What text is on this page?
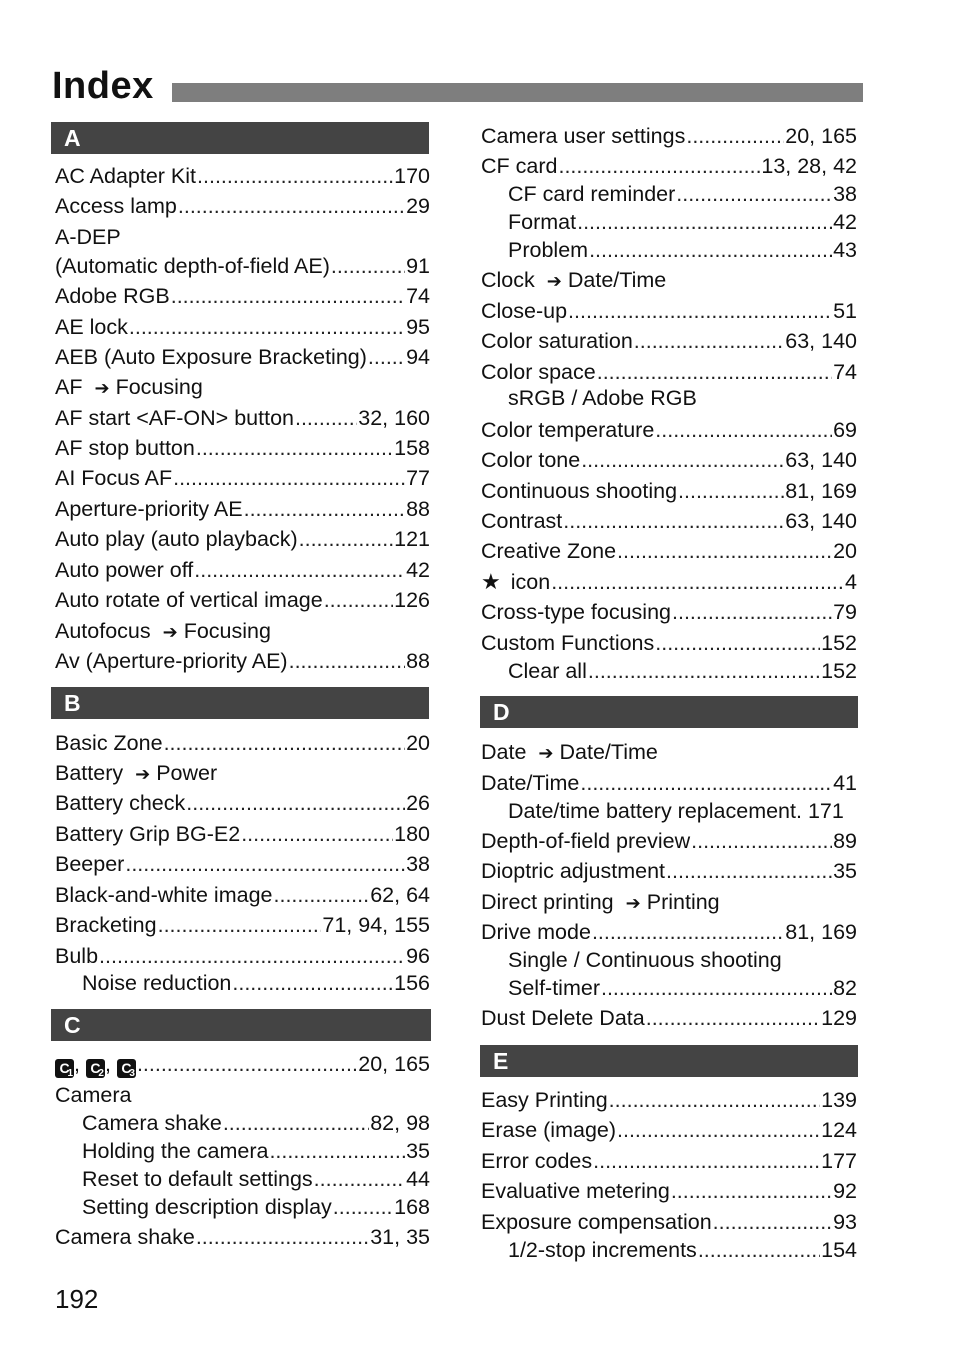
Index
A
AC Adapter Kit .....	170
Access lamp .....	29
A-DEP
(Automatic depth-of-field AE) .....	91
Adobe RGB .....	74
AE lock .....	95
AEB (Auto Exposure Bracketing) ..... 94
AF ➔ Focusing
AF start <AF-ON> button .....	32, 160
AF stop button .....	158
AI Focus AF .....	77
Aperture-priority AE .....	88
Auto play (auto playback) .....	121
Auto power off .....	42
Auto rotate of vertical image .....	126
Autofocus ➔ Focusing
Av (Aperture-priority AE) .....	88
B
Basic Zone .....	20
Battery ➔ Power
Battery check .....	26
Battery Grip BG-E2 .....	180
Beeper .....	38
Black-and-white image .....	62, 64
Bracketing .....	71, 94, 155
Bulb .....	96
Noise reduction .....	156
C
C
1 , C
2 , C
3 .....	20, 165
Camera
Camera shake .....	82, 98
Holding the camera .....	35
Reset to default settings .....	44
Setting description display .....	168
Camera shake .....	31, 35
192
Camera user settings .....	20, 165
CF card .....	13, 28, 42
CF card reminder .....	38
Format .....	42
Problem .....	43
Clock ➔ Date/Time
Close-up .....	51
Color saturation .....	63, 140
Color space .....	74
sRGB / Adobe RGB
Color temperature .....	69
Color tone .....	63, 140
Continuous shooting .....	81, 169
Contrast .....	63, 140
Creative Zone .....	20
★ icon .....	4
Cross-type focusing .....	79
Custom Functions .....	152
Clear all .....	152
D
Date ➔ Date/Time
Date/Time .....	41
Date/time battery replacement. 171
Depth-of-field preview .....	89
Dioptric adjustment .....	35
Direct printing ➔ Printing
Drive mode .....	81, 169
Single / Continuous shooting
Self-timer .....	82
Dust Delete Data .....	129
E
Easy Printing .....	139
Erase (image) .....	124
Error codes .....	177
Evaluative metering .....	92
Exposure compensation .....	93
1/2-stop increments .....	154
